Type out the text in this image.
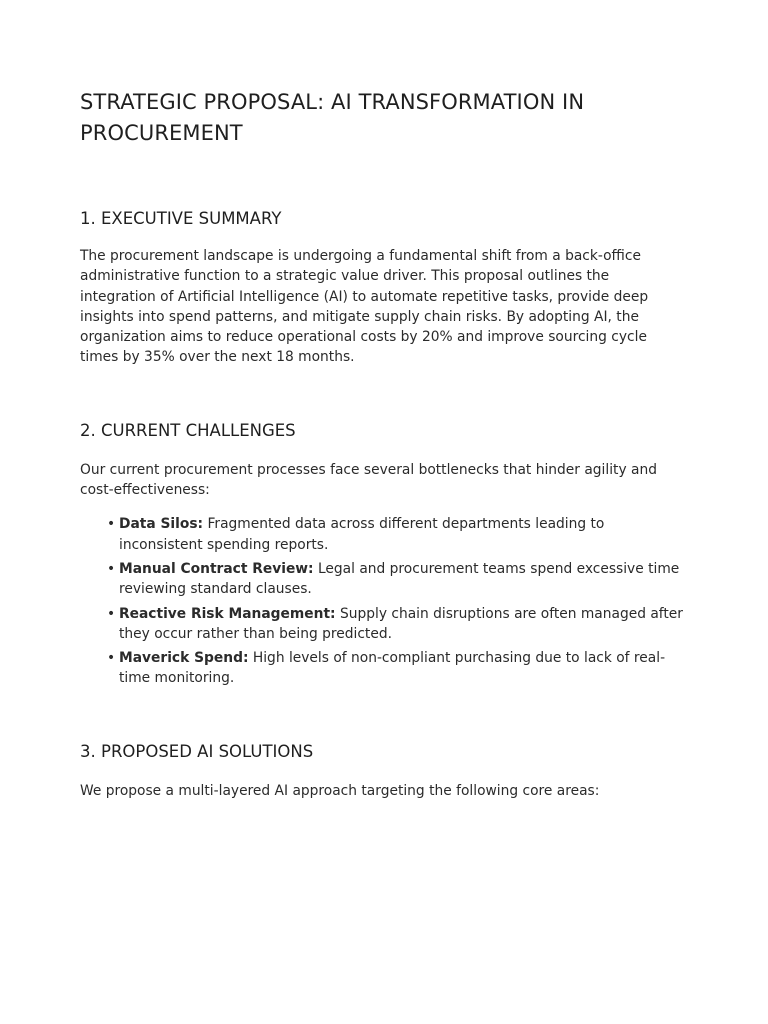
STRATEGIC PROPOSAL: AI TRANSFORMATION IN PROCUREMENT
1. EXECUTIVE SUMMARY

The procurement landscape is undergoing a fundamental shift from a back-office administrative function to a strategic value driver. This proposal outlines the integration of Artificial Intelligence (AI) to automate repetitive tasks, provide deep insights into spend patterns, and mitigate supply chain risks. By adopting AI, the organization aims to reduce operational costs by 20% and improve sourcing cycle times by 35% over the next 18 months.

2. CURRENT CHALLENGES

Our current procurement processes face several bottlenecks that hinder agility and cost-effectiveness:

• Data Silos: Fragmented data across different departments leading to inconsistent spending reports.
• Manual Contract Review: Legal and procurement teams spend excessive time reviewing standard clauses.
• Reactive Risk Management: Supply chain disruptions are often managed after they occur rather than being predicted.
• Maverick Spend: High levels of non-compliant purchasing due to lack of real-time monitoring.
3. PROPOSED AI SOLUTIONS

We propose a multi-layered AI approach targeting the following core areas:
